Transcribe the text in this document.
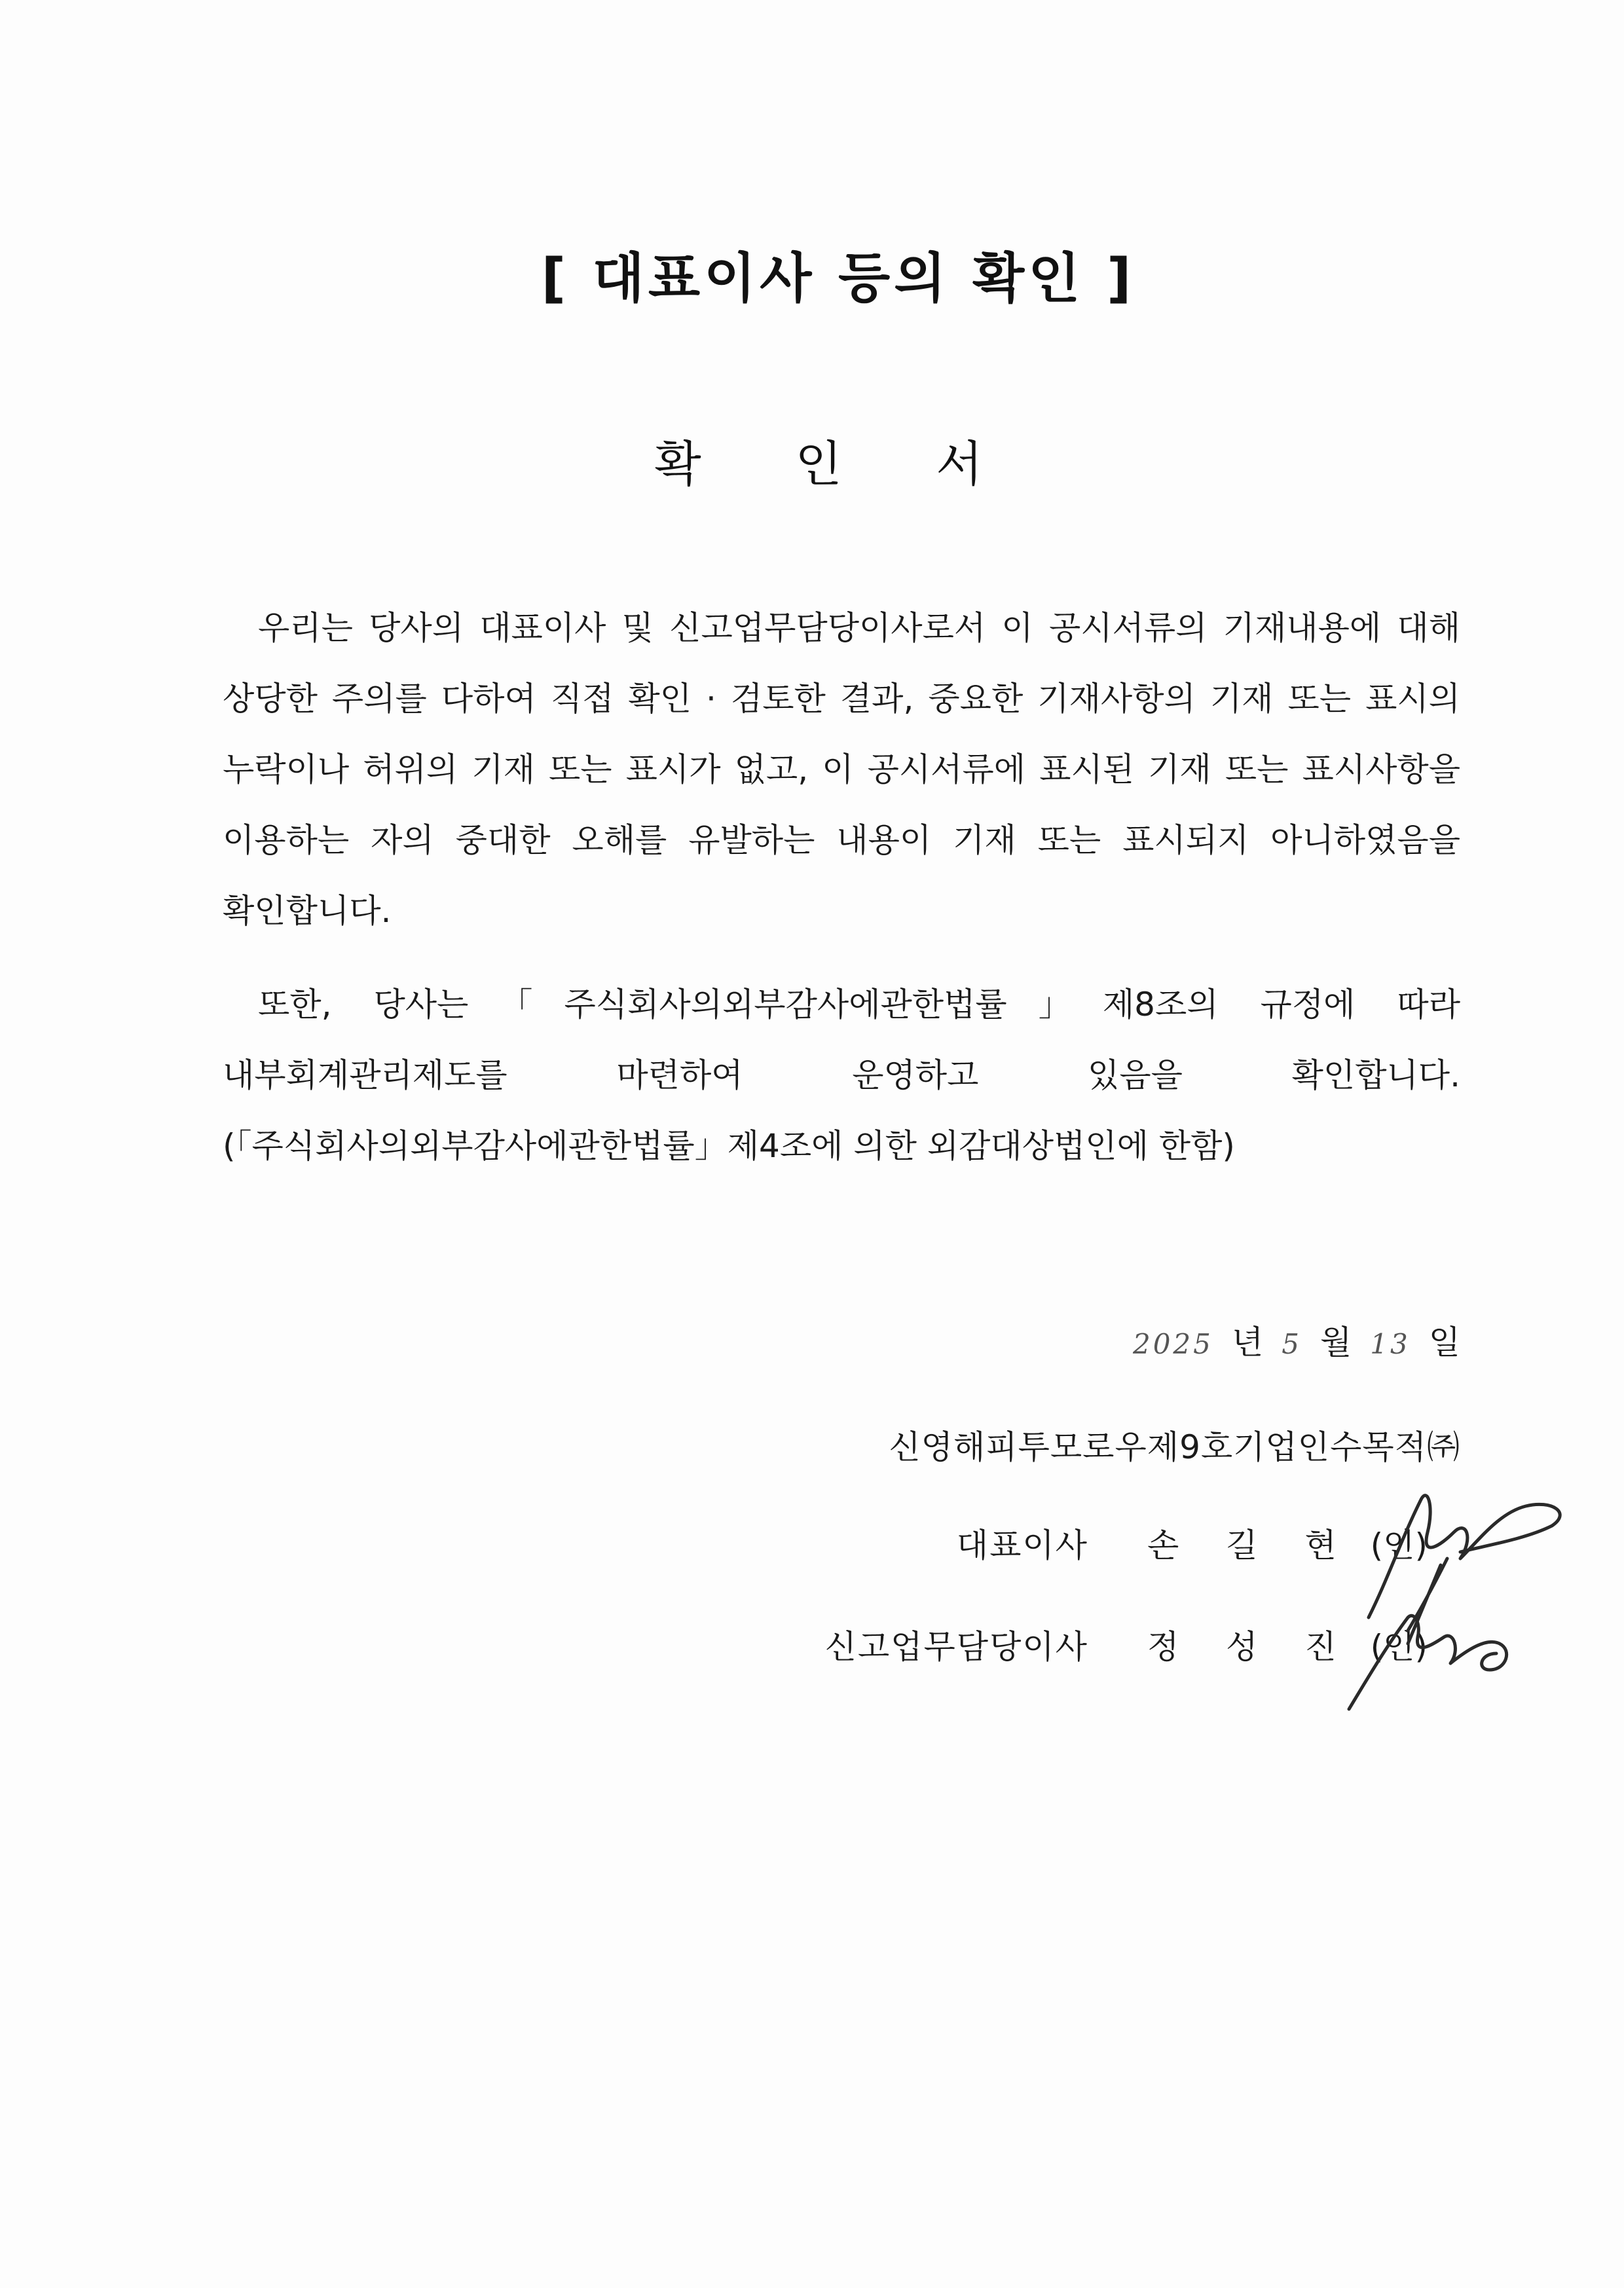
[ 대표이사 등의 확인 ]
확 인 서
우리는 당사의 대표이사 및 신고업무담당이사로서 이 공시서류의 기재내용에 대해 상당한 주의를 다하여 직접 확인 · 검토한 결과, 중요한 기재사항의 기재 또는 표시의 누락이나 허위의 기재 또는 표시가 없고, 이 공시서류에 표시된 기재 또는 표시사항을 이용하는 자의 중대한 오해를 유발하는 내용이 기재 또는 표시되지 아니하였음을 확인합니다.
또한, 당사는「주식회사의외부감사에관한법률」제8조의 규정에 따라 내부회계관리제도를 마련하여 운영하고 있음을 확인합니다. (「주식회사의외부감사에관한법률」제4조에 의한 외감대상법인에 한함)
2025 년 5 월 13 일
신영해피투모로우제9호기업인수목적㈜
대표이사 손 길 현 (인)
신고업무담당이사 정 성 진 (인)
